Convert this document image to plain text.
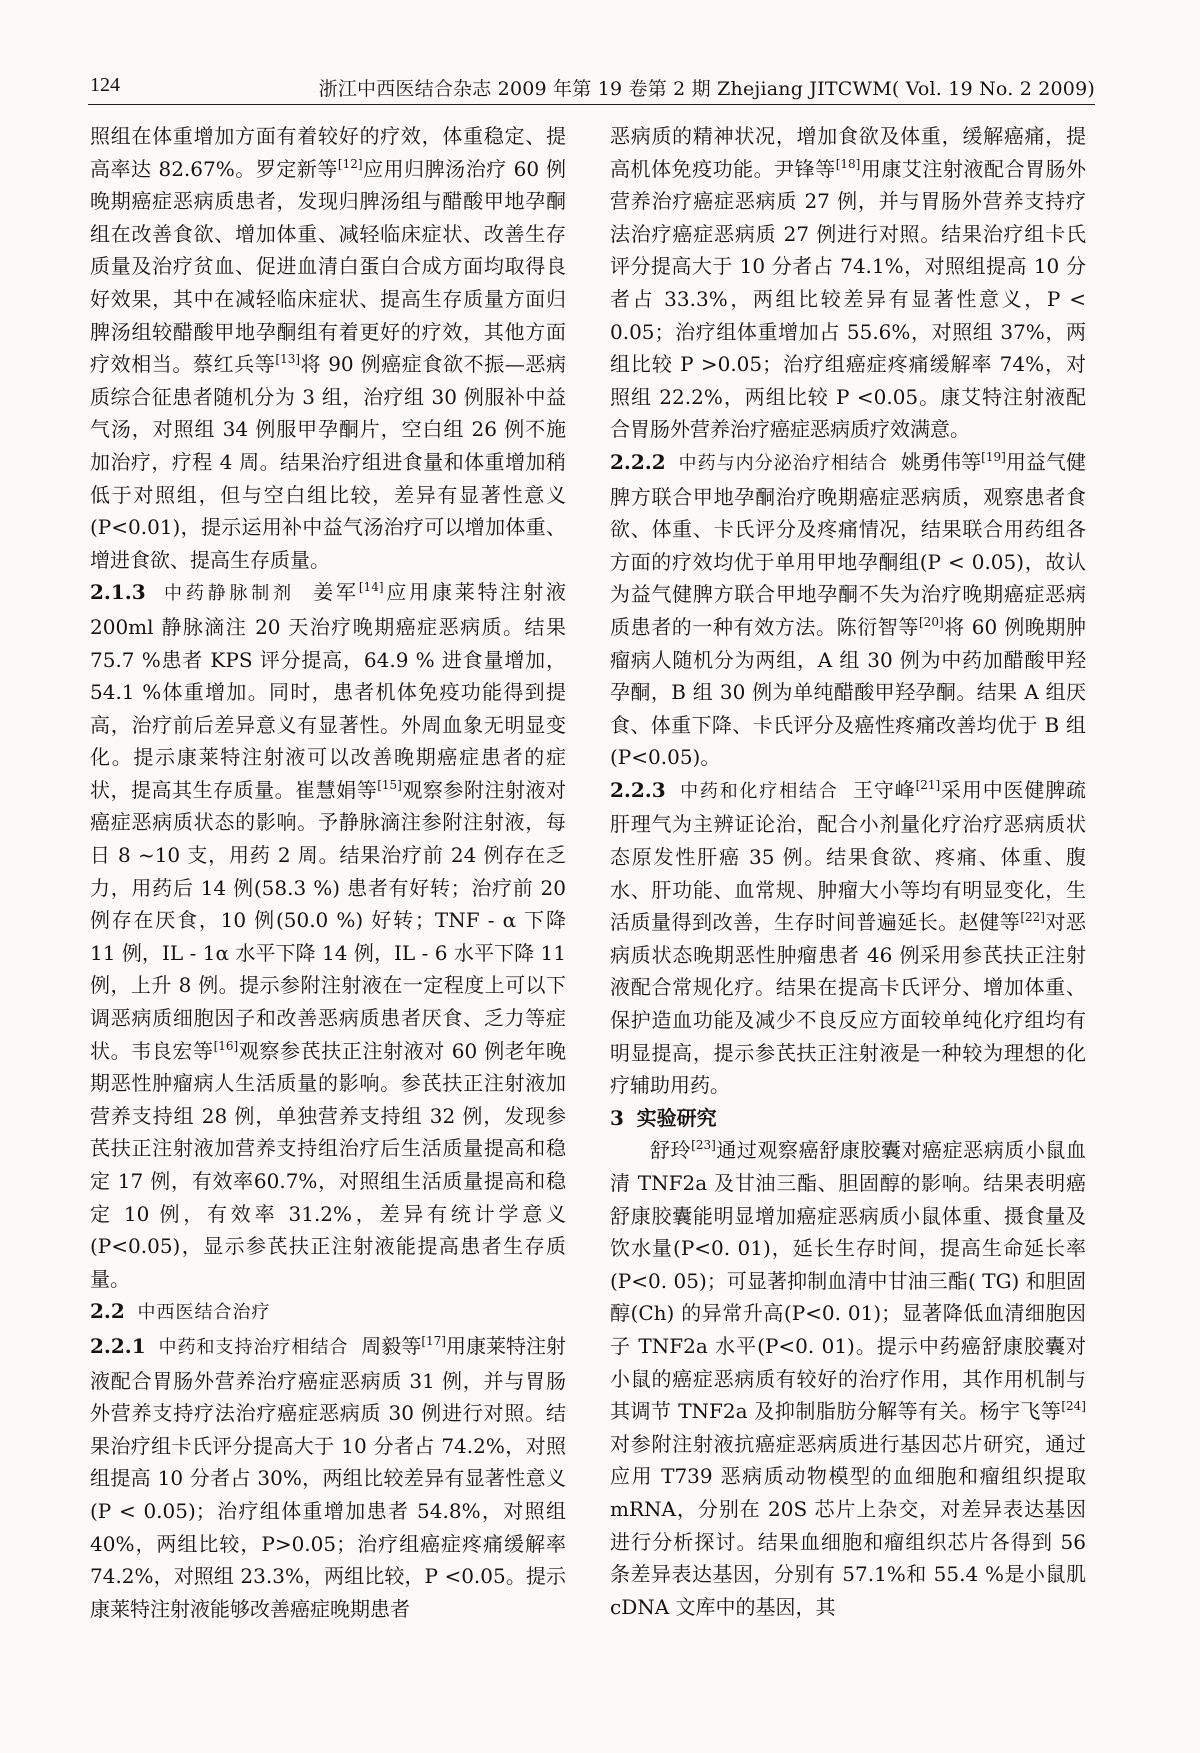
124	浙江中西医结合杂志 2009 年第 19 卷第 2 期 Zhejiang JITCWM( Vol. 19 No. 2 2009)

照组在体重增加方面有着较好的疗效，体重稳定、提高率达 82.67%。罗定新等[12]应用归脾汤治疗 60 例晚期癌症恶病质患者，发现归脾汤组与醋酸甲地孕酮组在改善食欲、增加体重、减轻临床症状、改善生存质量及治疗贫血、促进血清白蛋白合成方面均取得良好效果，其中在减轻临床症状、提高生存质量方面归脾汤组较醋酸甲地孕酮组有着更好的疗效，其他方面疗效相当。蔡红兵等[13]将 90 例癌症食欲不振—恶病质综合征患者随机分为 3 组，治疗组 30 例服补中益气汤，对照组 34 例服甲孕酮片，空白组 26 例不施加治疗，疗程 4 周。结果治疗组进食量和体重增加稍低于对照组，但与空白组比较，差异有显著性意义(P<0.01)，提示运用补中益气汤治疗可以增加体重、增进食欲、提高生存质量。

2.1.3 中药静脉制剂 姜军[14]应用康莱特注射液 200ml 静脉滴注 20 天治疗晚期癌症恶病质。结果 75.7 %患者 KPS 评分提高，64.9 % 进食量增加，54.1 %体重增加。同时，患者机体免疫功能得到提高，治疗前后差异意义有显著性。外周血象无明显变化。提示康莱特注射液可以改善晚期癌症患者的症状，提高其生存质量。崔慧娟等[15]观察参附注射液对癌症恶病质状态的影响。予静脉滴注参附注射液，每日 8 ~10 支，用药 2 周。结果治疗前 24 例存在乏力，用药后 14 例(58.3 %) 患者有好转；治疗前 20 例存在厌食，10 例(50.0 %) 好转；TNF - α 下降 11 例，IL - 1α 水平下降 14 例，IL - 6 水平下降 11 例，上升 8 例。提示参附注射液在一定程度上可以下调恶病质细胞因子和改善恶病质患者厌食、乏力等症状。韦良宏等[16]观察参芪扶正注射液对 60 例老年晚期恶性肿瘤病人生活质量的影响。参芪扶正注射液加营养支持组 28 例，单独营养支持组 32 例，发现参芪扶正注射液加营养支持组治疗后生活质量提高和稳定 17 例，有效率60.7%，对照组生活质量提高和稳定 10 例，有效率 31.2%，差异有统计学意义(P<0.05)，显示参芪扶正注射液能提高患者生存质量。

2.2 中西医结合治疗

2.2.1 中药和支持治疗相结合 周毅等[17]用康莱特注射液配合胃肠外营养治疗癌症恶病质 31 例，并与胃肠外营养支持疗法治疗癌症恶病质 30 例进行对照。结果治疗组卡氏评分提高大于 10 分者占 74.2%，对照组提高 10 分者占 30%，两组比较差异有显著性意义(P < 0.05)；治疗组体重增加患者 54.8%，对照组 40%，两组比较，P>0.05；治疗组癌症疼痛缓解率 74.2%，对照组 23.3%，两组比较，P <0.05。提示康莱特注射液能够改善癌症晚期患者

恶病质的精神状况，增加食欲及体重，缓解癌痛，提高机体免疫功能。尹锋等[18]用康艾注射液配合胃肠外营养治疗癌症恶病质 27 例，并与胃肠外营养支持疗法治疗癌症恶病质 27 例进行对照。结果治疗组卡氏评分提高大于 10 分者占 74.1%，对照组提高 10 分者占 33.3%，两组比较差异有显著性意义，P < 0.05；治疗组体重增加占 55.6%，对照组 37%，两组比较 P >0.05；治疗组癌症疼痛缓解率 74%，对照组 22.2%，两组比较 P <0.05。康艾特注射液配合胃肠外营养治疗癌症恶病质疗效满意。

2.2.2 中药与内分泌治疗相结合 姚勇伟等[19]用益气健脾方联合甲地孕酮治疗晚期癌症恶病质，观察患者食欲、体重、卡氏评分及疼痛情况，结果联合用药组各方面的疗效均优于单用甲地孕酮组(P < 0.05)，故认为益气健脾方联合甲地孕酮不失为治疗晚期癌症恶病质患者的一种有效方法。陈衍智等[20]将 60 例晚期肿瘤病人随机分为两组，A 组 30 例为中药加醋酸甲羟孕酮，B 组 30 例为单纯醋酸甲羟孕酮。结果 A 组厌食、体重下降、卡氏评分及癌性疼痛改善均优于 B 组(P<0.05)。

2.2.3 中药和化疗相结合 王守峰[21]采用中医健脾疏肝理气为主辨证论治，配合小剂量化疗治疗恶病质状态原发性肝癌 35 例。结果食欲、疼痛、体重、腹水、肝功能、血常规、肿瘤大小等均有明显变化，生活质量得到改善，生存时间普遍延长。赵健等[22]对恶病质状态晚期恶性肿瘤患者 46 例采用参芪扶正注射液配合常规化疗。结果在提高卡氏评分、增加体重、保护造血功能及减少不良反应方面较单纯化疗组均有明显提高，提示参芪扶正注射液是一种较为理想的化疗辅助用药。

3 实验研究

舒玲[23]通过观察癌舒康胶囊对癌症恶病质小鼠血清 TNF2a 及甘油三酯、胆固醇的影响。结果表明癌舒康胶囊能明显增加癌症恶病质小鼠体重、摄食量及饮水量(P<0. 01)，延长生存时间，提高生命延长率(P<0. 05)；可显著抑制血清中甘油三酯( TG) 和胆固醇(Ch) 的异常升高(P<0. 01)；显著降低血清细胞因子 TNF2a 水平(P<0. 01)。提示中药癌舒康胶囊对小鼠的癌症恶病质有较好的治疗作用，其作用机制与其调节 TNF2a 及抑制脂肪分解等有关。杨宇飞等[24]对参附注射液抗癌症恶病质进行基因芯片研究，通过应用 T739 恶病质动物模型的血细胞和瘤组织提取 mRNA，分别在 20S 芯片上杂交，对差异表达基因进行分析探讨。结果血细胞和瘤组织芯片各得到 56 条差异表达基因，分别有 57.1%和 55.4 %是小鼠肌 cDNA 文库中的基因，其
